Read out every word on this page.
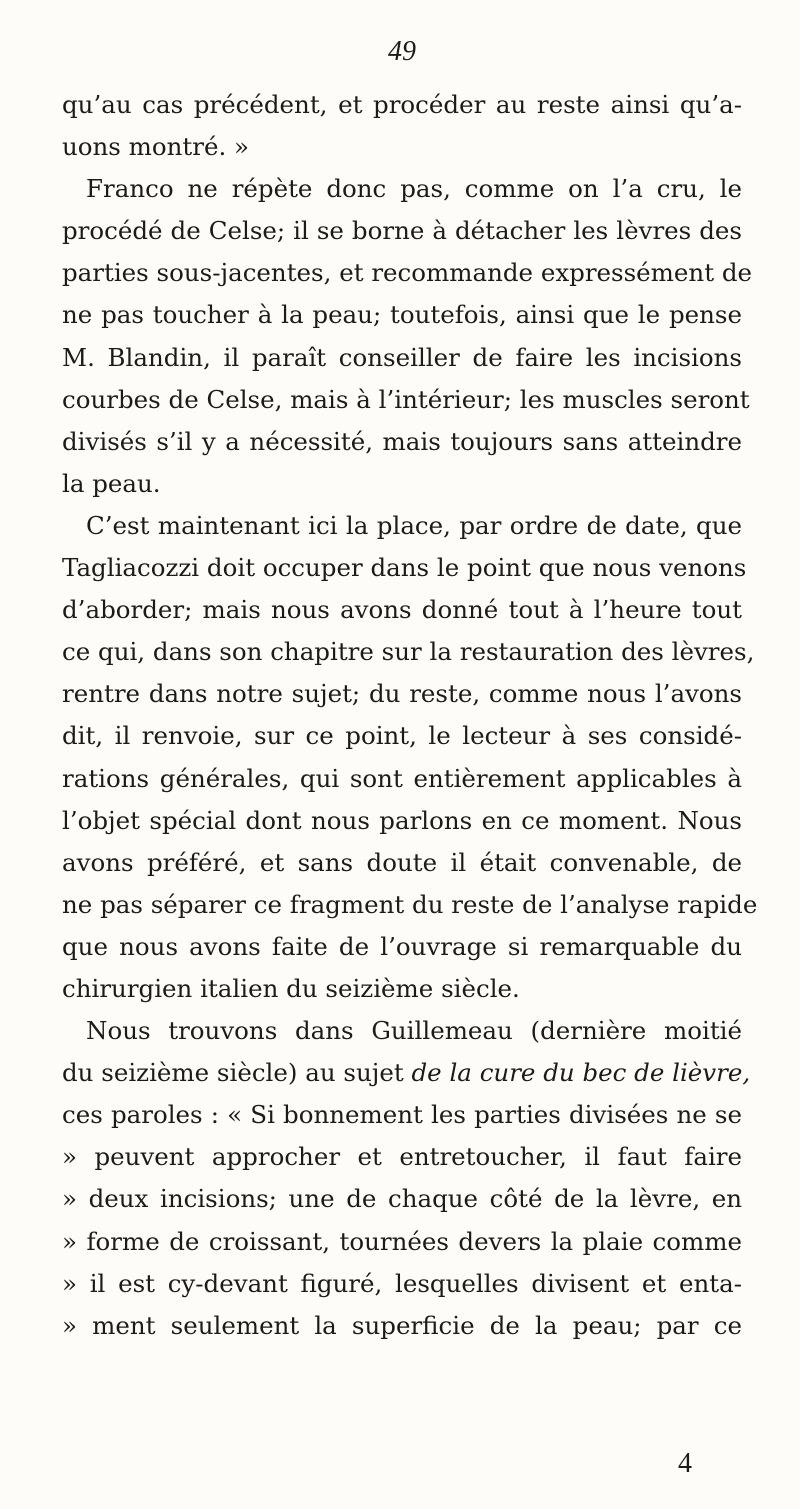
49
qu’au cas précédent, et procéder au reste ainsi qu’a-
uons montré. »
Franco ne répète donc pas, comme on l’a cru, le
procédé de Celse; il se borne à détacher les lèvres des
parties sous-jacentes, et recommande expressément de
ne pas toucher à la peau; toutefois, ainsi que le pense
M. Blandin, il paraît conseiller de faire les incisions
courbes de Celse, mais à l’intérieur; les muscles seront
divisés s’il y a nécessité, mais toujours sans atteindre
la peau.
C’est maintenant ici la place, par ordre de date, que
Tagliacozzi doit occuper dans le point que nous venons
d’aborder; mais nous avons donné tout à l’heure tout
ce qui, dans son chapitre sur la restauration des lèvres,
rentre dans notre sujet; du reste, comme nous l’avons
dit, il renvoie, sur ce point, le lecteur à ses considé-
rations générales, qui sont entièrement applicables à
l’objet spécial dont nous parlons en ce moment. Nous
avons préféré, et sans doute il était convenable, de
ne pas séparer ce fragment du reste de l’analyse rapide
que nous avons faite de l’ouvrage si remarquable du
chirurgien italien du seizième siècle.
Nous trouvons dans Guillemeau (dernière moitié
du seizième siècle) au sujet de la cure du bec de lièvre,
ces paroles : « Si bonnement les parties divisées ne se
» peuvent approcher et entretoucher, il faut faire
» deux incisions; une de chaque côté de la lèvre, en
» forme de croissant, tournées devers la plaie comme
» il est cy-devant figuré, lesquelles divisent et enta-
» ment seulement la superficie de la peau; par ce
4
